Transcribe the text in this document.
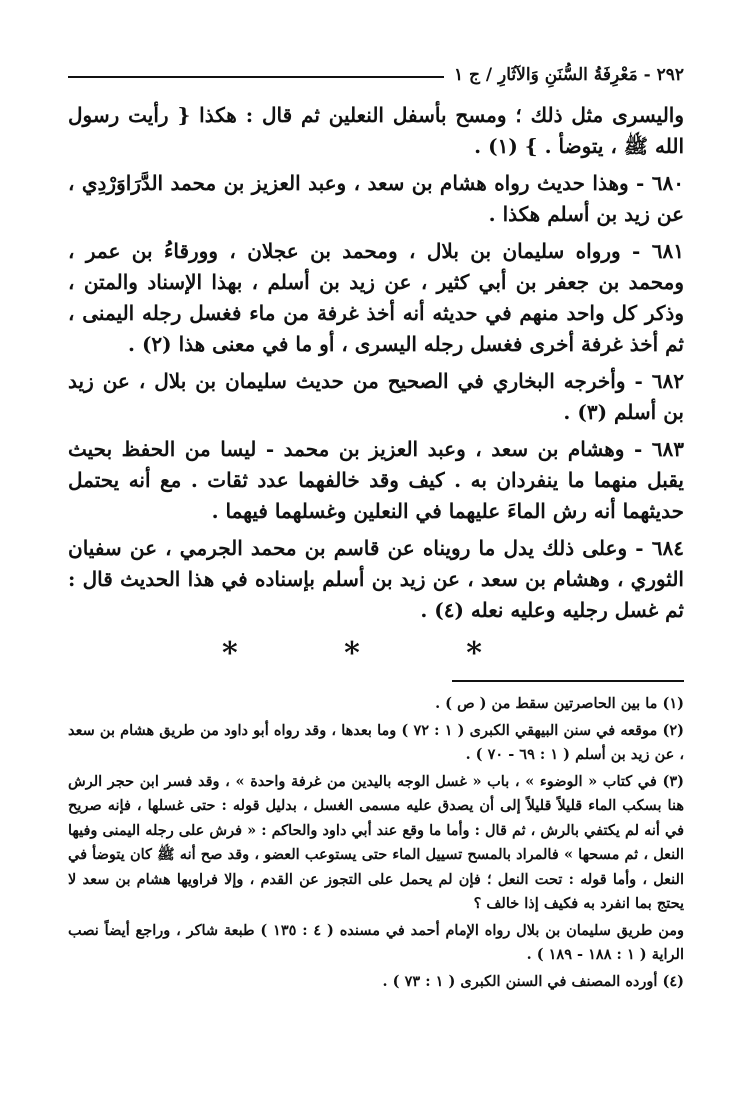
٢٩٢ - مَعْرِفَةُ السُّنَنِ وَالآثَارِ / ج ١

واليسرى مثل ذلك ؛ ومسح بأسفل النعلين ثم قال : هكذا { رأيت رسول الله ﷺ ، يتوضأ . } (١) .

٦٨٠ - وهذا حديث رواه هشام بن سعد ، وعبد العزيز بن محمد الدَّرَاوَرْدِي ، عن زيد بن أسلم هكذا .

٦٨١ - ورواه سليمان بن بلال ، ومحمد بن عجلان ، وورقاءُ بن عمر ، ومحمد بن جعفر بن أبي كثير ، عن زيد بن أسلم ، بهذا الإسناد والمتن ، وذكر كل واحد منهم في حديثه أنه أخذ غرفة من ماء فغسل رجله اليمنى ، ثم أخذ غرفة أخرى فغسل رجله اليسرى ، أو ما في معنى هذا (٢) .

٦٨٢ - وأخرجه البخاري في الصحيح من حديث سليمان بن بلال ، عن زيد بن أسلم (٣) .

٦٨٣ - وهشام بن سعد ، وعبد العزيز بن محمد - ليسا من الحفظ بحيث يقبل منهما ما ينفردان به . كيف وقد خالفهما عدد ثقات . مع أنه يحتمل حديثهما أنه رش الماءَ عليهما في النعلين وغسلهما فيهما .

٦٨٤ - وعلى ذلك يدل ما رويناه عن قاسم بن محمد الجرمي ، عن سفيان الثوري ، وهشام بن سعد ، عن زيد بن أسلم بإسناده في هذا الحديث قال : ثم غسل رجليه وعليه نعله (٤) .

* * *

(١) ما بين الحاصرتين سقط من ( ص ) .

(٢) موقعه في سنن البيهقي الكبرى ( ١ : ٧٢ ) وما بعدها ، وقد رواه أبو داود من طريق هشام بن سعد ، عن زيد بن أسلم ( ١ : ٦٩ - ٧٠ ) .

(٣) في كتاب « الوضوء » ، باب « غسل الوجه باليدين من غرفة واحدة » ، وقد فسر ابن حجر الرش هنا بسكب الماء قليلاً قليلاً إلى أن يصدق عليه مسمى الغسل ، بدليل قوله : حتى غسلها ، فإنه صريح في أنه لم يكتفي بالرش ، ثم قال : وأما ما وقع عند أبي داود والحاكم : « فرش على رجله اليمنى وفيها النعل ، ثم مسحها » فالمراد بالمسح تسييل الماء حتى يستوعب العضو ، وقد صح أنه ﷺ كان يتوضأ في النعل ، وأما قوله : تحت النعل ؛ فإن لم يحمل على التجوز عن القدم ، وإلا فراويها هشام بن سعد لا يحتج بما انفرد به فكيف إذا خالف ؟

ومن طريق سليمان بن بلال رواه الإمام أحمد في مسنده ( ٤ : ١٣٥ ) طبعة شاكر ، وراجع أيضاً نصب الراية ( ١ : ١٨٨ - ١٨٩ ) .

(٤) أورده المصنف في السنن الكبرى ( ١ : ٧٣ ) .
